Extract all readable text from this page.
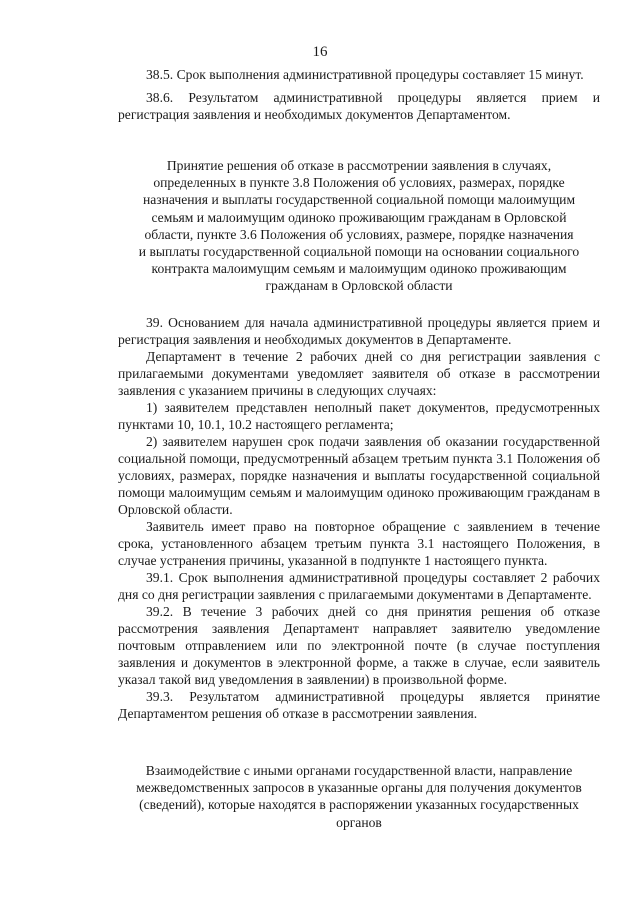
16

38.5. Срок выполнения административной процедуры составляет 15 минут.

38.6. Результатом административной процедуры является прием и регистрация заявления и необходимых документов Департаментом.

Принятие решения об отказе в рассмотрении заявления в случаях,

определенных в пункте 3.8 Положения об условиях, размерах, порядке

назначения и выплаты государственной социальной помощи малоимущим

семьям и малоимущим одиноко проживающим гражданам в Орловской

области, пункте 3.6 Положения об условиях, размере, порядке назначения

и выплаты государственной социальной помощи на основании социального

контракта малоимущим семьям и малоимущим одиноко проживающим

гражданам в Орловской области

39. Основанием для начала административной процедуры является прием и регистрация заявления и необходимых документов в Департаменте.

Департамент в течение 2 рабочих дней со дня регистрации заявления с прилагаемыми документами уведомляет заявителя об отказе в рассмотрении заявления с указанием причины в следующих случаях:

1) заявителем представлен неполный пакет документов, предусмотренных пунктами 10, 10.1, 10.2 настоящего регламента;

2) заявителем нарушен срок подачи заявления об оказании государственной социальной помощи, предусмотренный абзацем третьим пункта 3.1 Положения об условиях, размерах, порядке назначения и выплаты государственной социальной помощи малоимущим семьям и малоимущим одиноко проживающим гражданам в Орловской области.

Заявитель имеет право на повторное обращение с заявлением в течение срока, установленного абзацем третьим пункта 3.1 настоящего Положения, в случае устранения причины, указанной в подпункте 1 настоящего пункта.

39.1. Срок выполнения административной процедуры составляет 2 рабочих дня со дня регистрации заявления с прилагаемыми документами в Департаменте.

39.2. В течение 3 рабочих дней со дня принятия решения об отказе рассмотрения заявления Департамент направляет заявителю уведомление почтовым отправлением или по электронной почте (в случае поступления заявления и документов в электронной форме, а также в случае, если заявитель указал такой вид уведомления в заявлении) в произвольной форме.

39.3. Результатом административной процедуры является принятие Департаментом решения об отказе в рассмотрении заявления.

Взаимодействие с иными органами государственной власти, направление

межведомственных запросов в указанные органы для получения документов

(сведений), которые находятся в распоряжении указанных государственных

органов
